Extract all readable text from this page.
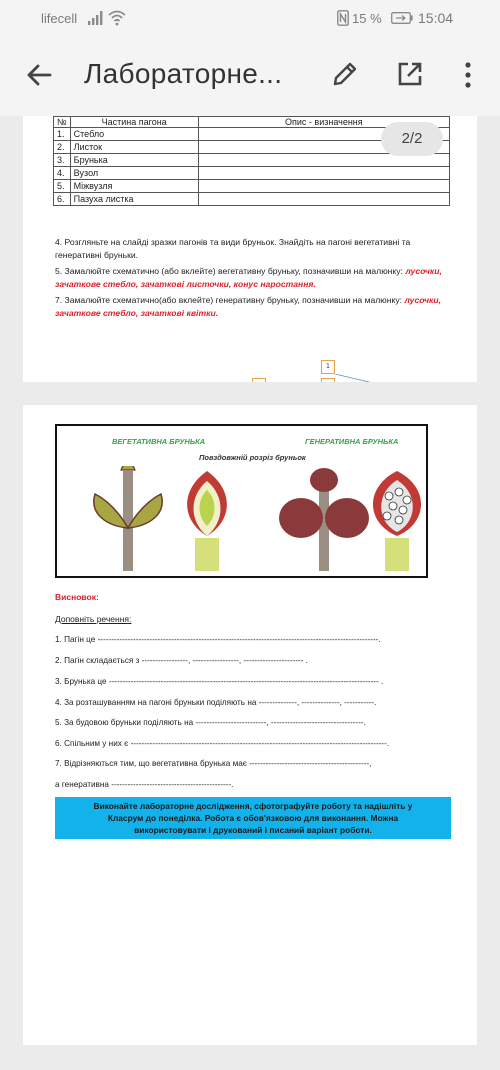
lifecell	15 %	15:04
Лабораторне...
№	Частина пагона	Опис - визначення
1.	Стебло	
2.	Листок	
3.	Брунька	
4.	Вузол	
5.	Міжвузля	
6.	Пазуха листка	

4. Розгляньте на слайді зразки пагонів та види бруньок. Знайдіть на пагоні вегетативні та генеративні бруньки.

5. Замалюйте схематично (або вклейте) вегетативну бруньку, позначивши на малюнку: лусочки, зачаткове стебло, зачаткові листочки, конус наростання.

7. Замалюйте схематично(або вклейте) генеративну бруньку, позначивши на малюнку: лусочки, зачаткове стебло, зачаткові квітки.

1
2/2
ВЕГЕТАТИВНА БРУНЬКА	ГЕНЕРАТИВНА БРУНЬКА
Повздовжній розріз бруньок
Висновок:
Доповніть речення:
1. Пагін це -------------------------------------------------------------------------------------------------------.
2. Пагін складається з -----------------, -----------------, ---------------------- .
3. Брунька це --------------------------------------------------------------------------------------------------- .
4. За розташуванням на пагоні бруньки поділяють на --------------, --------------, -----------.
5. За будовою бруньки поділяють на --------------------------, ----------------------------------.
6. Спільним у них є ----------------------------------------------------------------------------------------------.
7. Відрізняються тим, що вегетативна брунька має --------------------------------------------,
а генеративна --------------------------------------------.
Виконайте лабораторне дослідження, сфотографуйте роботу та надішліть у
Класрум до понеділка. Робота є обов'язковою для виконання. Можна
використовувати і друкований і писаний варіант роботи.
